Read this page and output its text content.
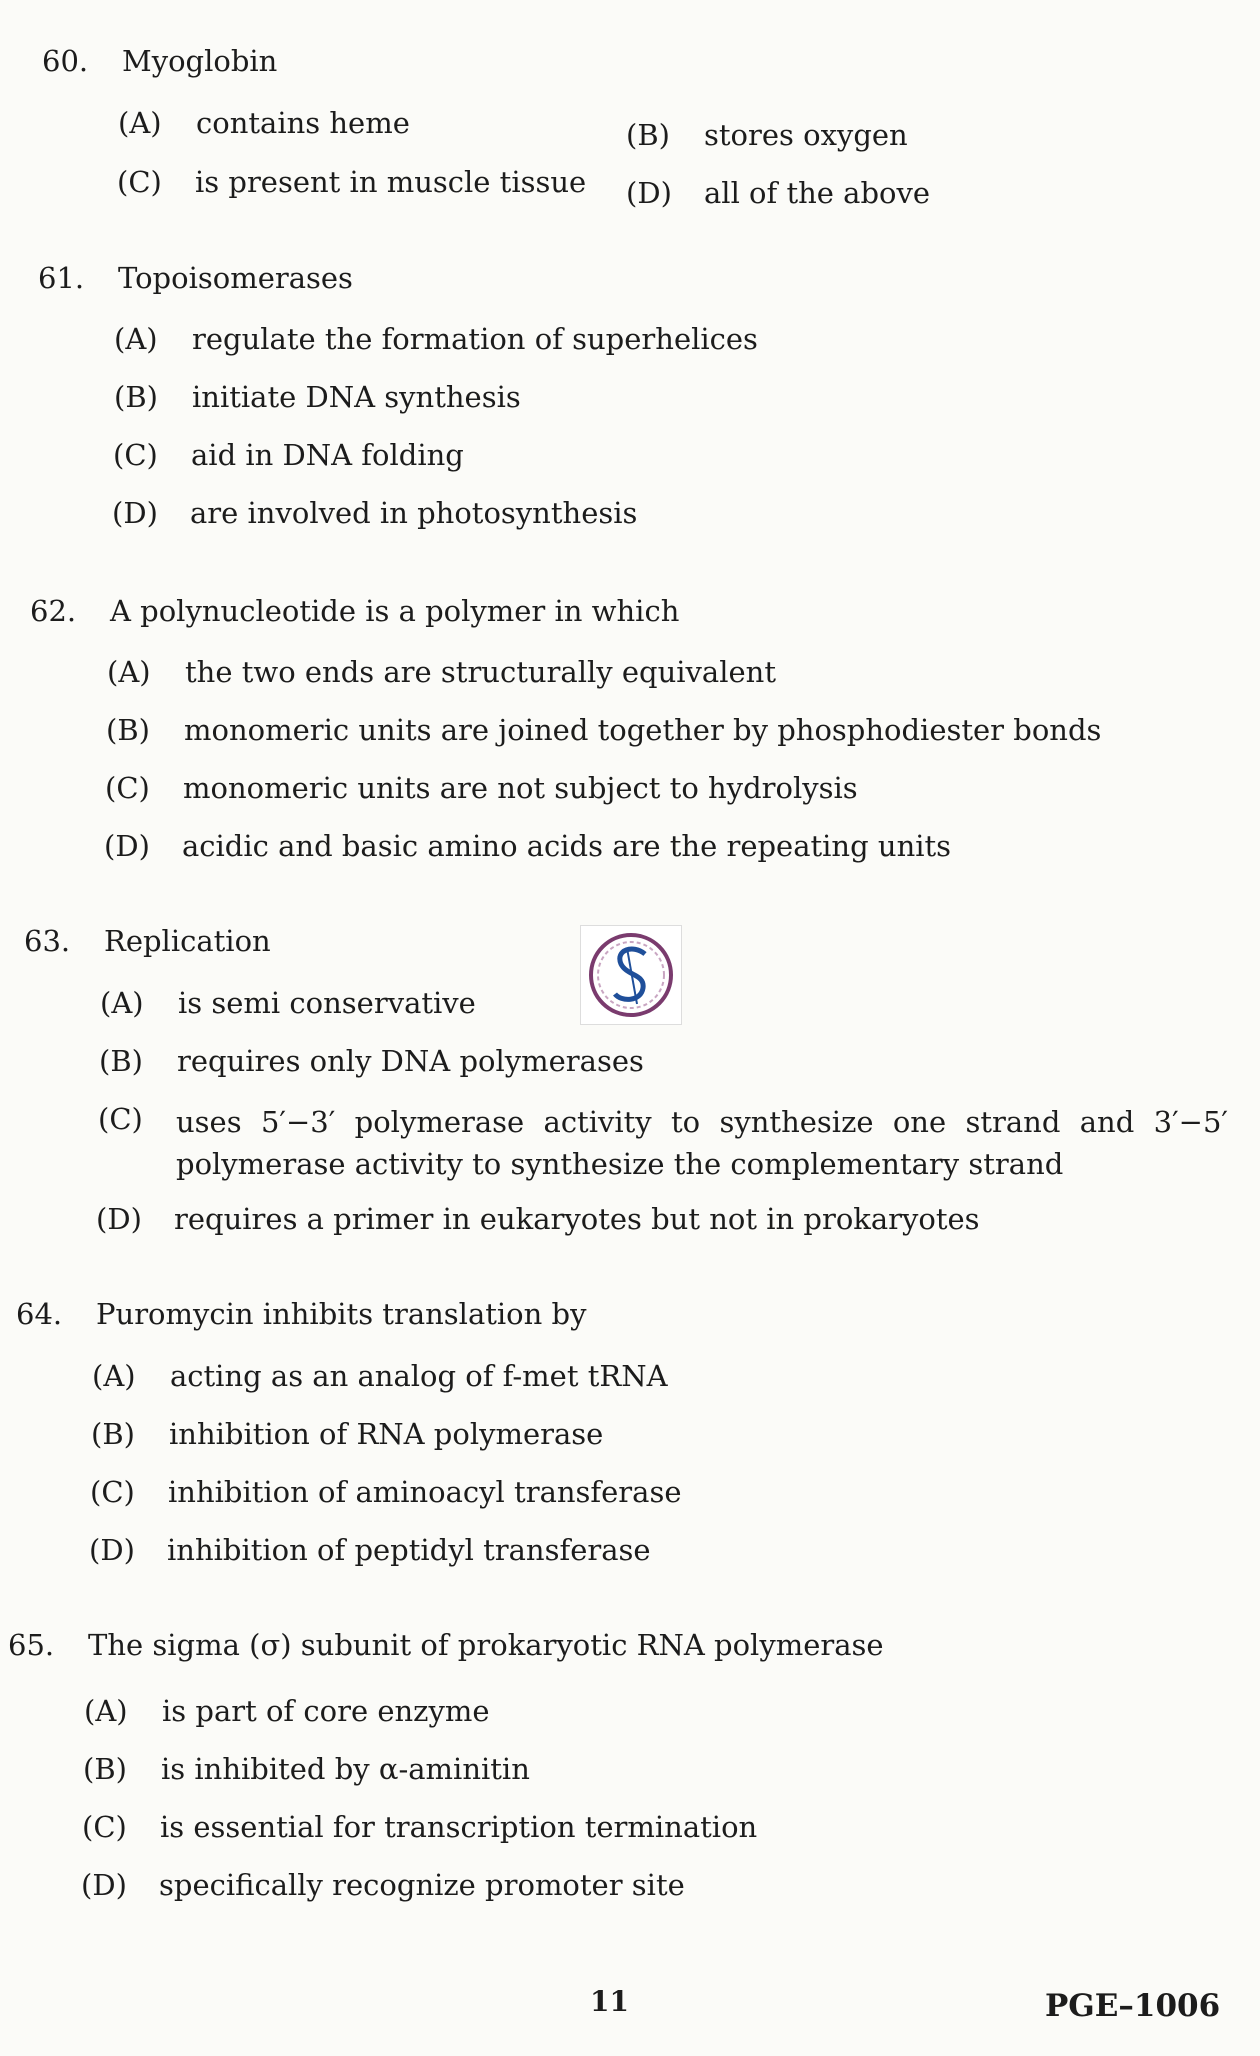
60. Myoglobin
(A) contains heme	(B) stores oxygen
(C) is present in muscle tissue (D) all of the above
61. Topoisomerases
(A) regulate the formation of superhelices
(B) initiate DNA synthesis
(C) aid in DNA folding
(D) are involved in photosynthesis
62. A polynucleotide is a polymer in which
(A) the two ends are structurally equivalent
(B) monomeric units are joined together by phosphodiester bonds
(C) monomeric units are not subject to hydrolysis
(D) acidic and basic amino acids are the repeating units
63. Replication
(A) is semi conservative
(B) requires only DNA polymerases
(C) uses 5′−3′ polymerase activity to synthesize one strand and 3′−5′
polymerase activity to synthesize the complementary strand
(D) requires a primer in eukaryotes but not in prokaryotes
64. Puromycin inhibits translation by
(A) acting as an analog of f-met tRNA
(B) inhibition of RNA polymerase
(C) inhibition of aminoacyl transferase
(D) inhibition of peptidyl transferase
65. The sigma (σ) subunit of prokaryotic RNA polymerase
(A) is part of core enzyme
(B) is inhibited by α-aminitin
(C) is essential for transcription termination
(D) specifically recognize promoter site
11	PGE–1006
